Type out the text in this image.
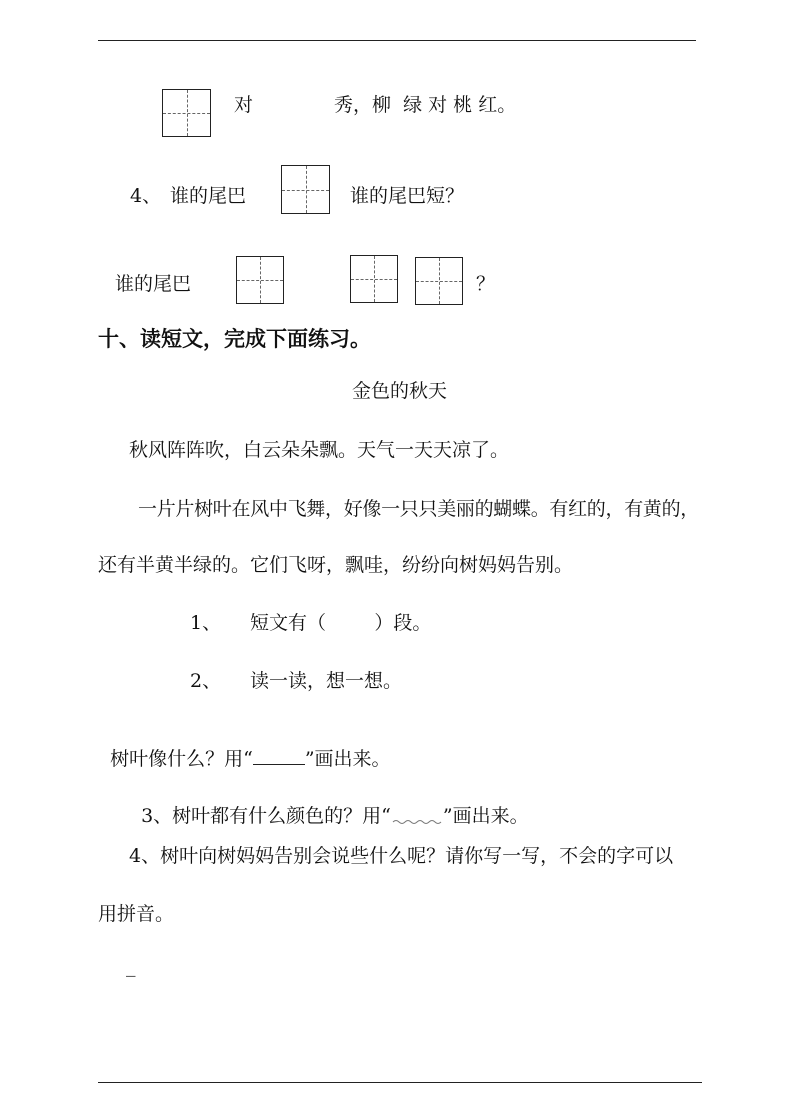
对	秀，柳  绿 对 桃 红。
4、 谁的尾巴	谁的尾巴短？
谁的尾巴	？
十、读短文，完成下面练习。
金色的秋天
秋风阵阵吹，白云朵朵飘。天气一天天凉了。
一片片树叶在风中飞舞，好像一只只美丽的蝴蝶。有红的，有黄的，
还有半黄半绿的。它们飞呀，飘哇，纷纷向树妈妈告别。
1、 短文有（        ）段。
2、 读一读，想一想。

树叶像什么？用“	”画出来。

3、树叶都有什么颜色的？用“	”画出来。

4、树叶向树妈妈告别会说些什么呢？请你写一写，不会的字可以
用拼音。
_
